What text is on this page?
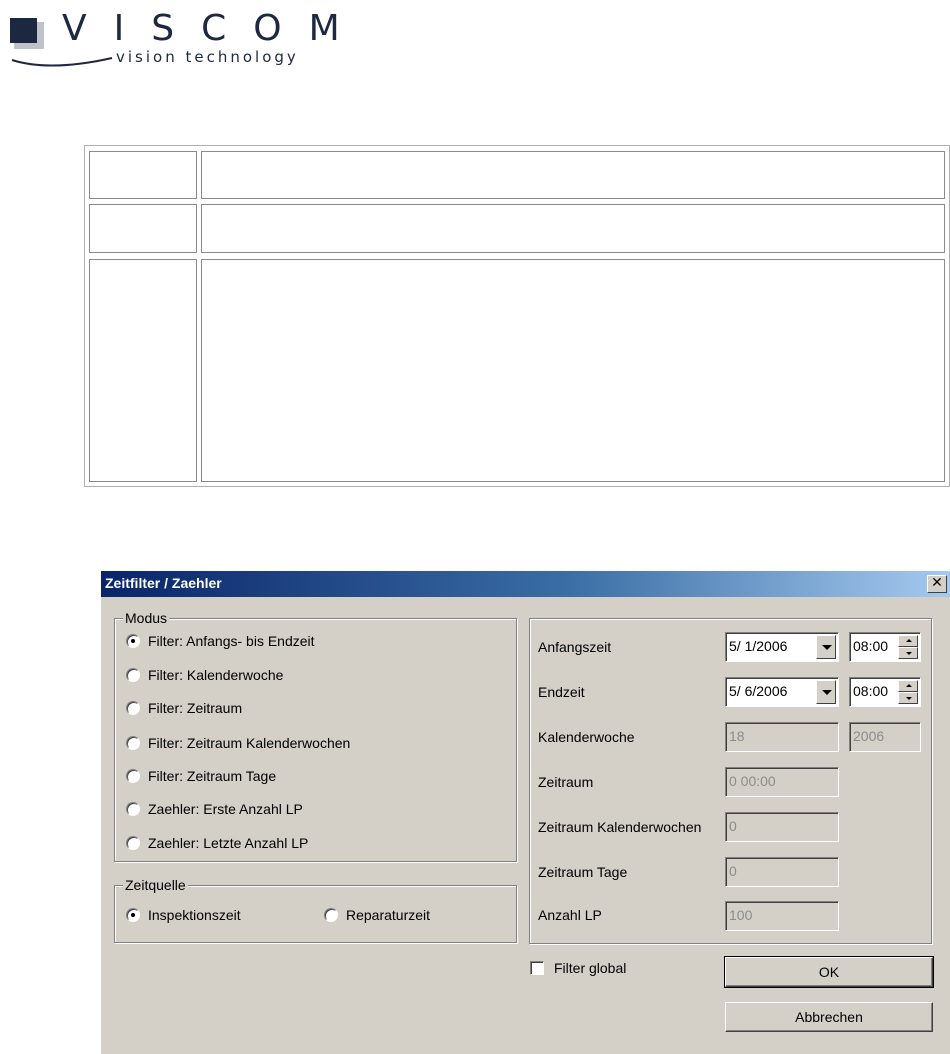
VISCOM
vision technology
Zeitfilter / Zaehler	✕
Modus
Filter: Anfangs- bis Endzeit
Filter: Kalenderwoche
Filter: Zeitraum
Filter: Zeitraum Kalenderwochen
Filter: Zeitraum Tage
Zaehler: Erste Anzahl LP
Zaehler: Letzte Anzahl LP
Zeitquelle
Inspektionszeit	Reparaturzeit
Anfangszeit	5/ 1/2006	08:00
Endzeit	5/ 6/2006	08:00
Kalenderwoche	18	2006
Zeitraum	0 00:00
Zeitraum Kalenderwochen 0
Zeitraum Tage	0
Anzahl LP	100
Filter global	OK
Abbrechen
